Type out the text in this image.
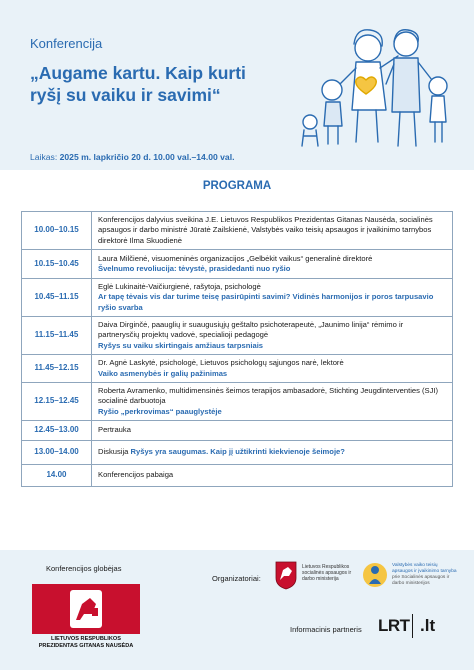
Konferencija
„Augame kartu. Kaip kurti ryšį su vaiku ir savimi“
Laikas: 2025 m. lapkričio 20 d. 10.00 val.–14.00 val.
PROGRAMA
10.00–10.15	Konferencijos dalyvius sveikina J.E. Lietuvos Respublikos Prezidentas Gitanas Nausėda, socialinės apsaugos ir darbo ministrė Jūratė Zailskienė, Valstybės vaiko teisių apsaugos ir įvaikinimo tarnybos direktorė Ilma Skuodienė
10.15–10.45	Laura Milčienė, visuomeninės organizacijos „Gelbėkit vaikus“ generalinė direktorė
Švelnumo revoliucija: tėvystė, prasidedanti nuo ryšio
10.45–11.15	Eglė Lukinaitė-Vaičiurgienė, rašytoja, psichologė
Ar tapę tėvais vis dar turime teisę pasirūpinti savimi? Vidinės harmonijos ir poros tarpusavio ryšio svarba
11.15–11.45	Daiva Dirginčė, paauglių ir suaugusiųjų geštalto psichoterapeutė, „Jaunimo linija“ rėmimo ir partnerysčių projektų vadovė, specialioji pedagogė
Ryšys su vaiku skirtingais amžiaus tarpsniais
11.45–12.15	Dr. Agnė Laskytė, psichologė, Lietuvos psichologų sąjungos narė, lektorė
Vaiko asmenybės ir galių pažinimas
12.15–12.45	Roberta Avramenko, multidimensinės šeimos terapijos ambasadorė, Stichting Jeugdinterventies (SJI) socialinė darbuotoja
Ryšio „perkrovimas“ paauglystėje
12.45–13.00	Pertrauka
13.00–14.00	Diskusija Ryšys yra saugumas. Kaip jį užtikrinti kiekvienoje šeimoje?
14.00	Konferencijos pabaiga
Konferencijos globėjas
LIETUVOS RESPUBLIKOS PREZIDENTAS GITANAS NAUSĖDA
Organizatoriai:
Lietuvos Respublikos socialinės apsaugos ir darbo ministerija
Valstybės vaiko teisių apsaugos ir įvaikinimo tarnyba
prie Socialinės apsaugos ir darbo ministerijos
Informacinis partneris LRT .lt
